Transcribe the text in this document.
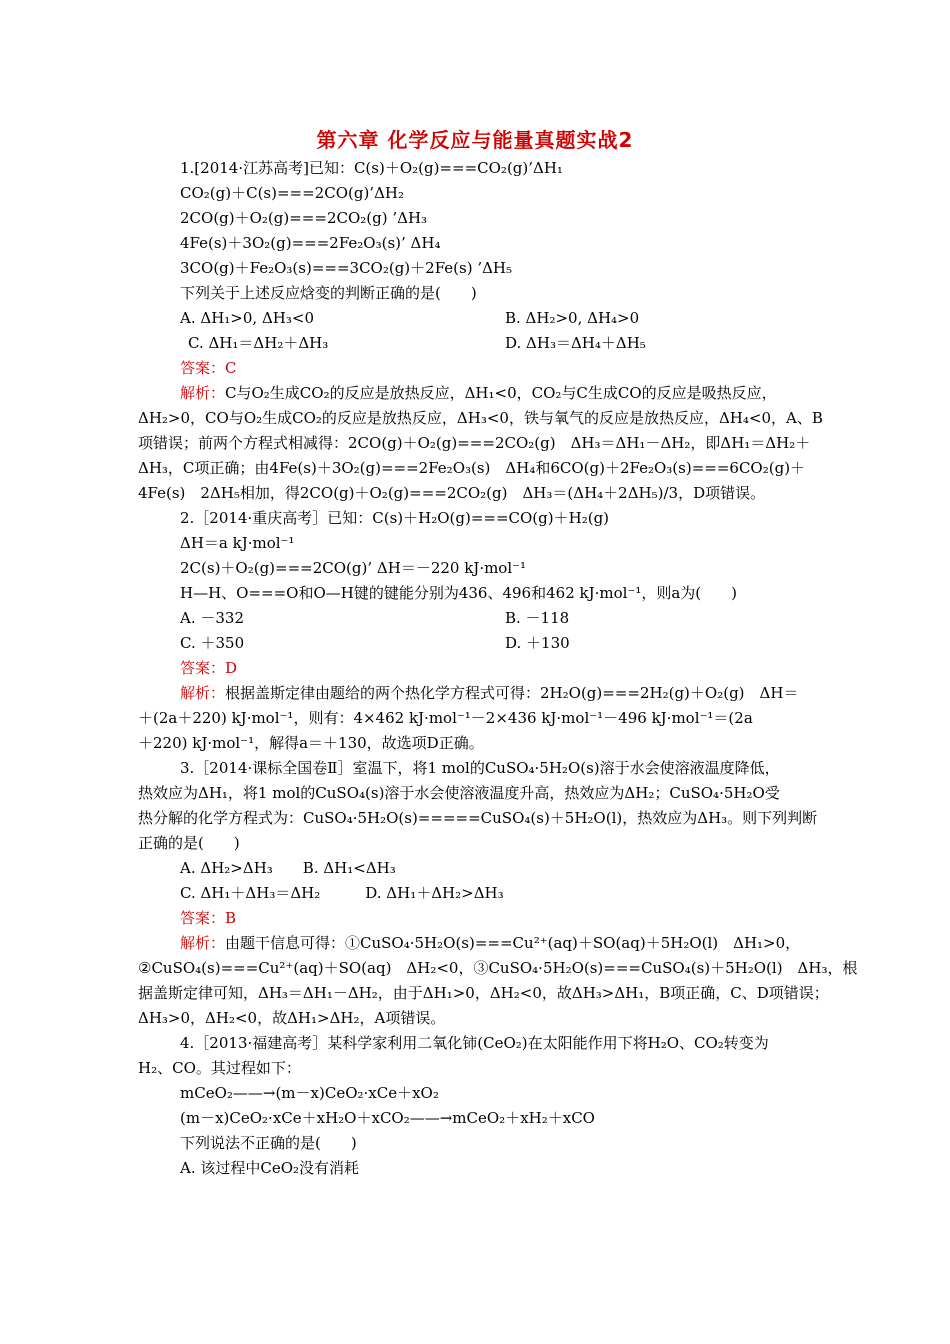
第六章 化学反应与能量真题实战2
1.[2014·江苏高考]已知：C(s)＋O₂(g)===CO₂(g)’ΔH₁
CO₂(g)＋C(s)===2CO(g)’ΔH₂
2CO(g)＋O₂(g)===2CO₂(g) ’ΔH₃
4Fe(s)＋3O₂(g)===2Fe₂O₃(s)’ ΔH₄
3CO(g)＋Fe₂O₃(s)===3CO₂(g)＋2Fe(s) ’ΔH₅
下列关于上述反应焓变的判断正确的是(　　)
A. ΔH₁>0, ΔH₃<0	B. ΔH₂>0, ΔH₄>0
C. ΔH₁＝ΔH₂＋ΔH₃	D. ΔH₃＝ΔH₄＋ΔH₅
答案：C
解析：C与O₂生成CO₂的反应是放热反应，ΔH₁<0，CO₂与C生成CO的反应是吸热反应，
ΔH₂>0，CO与O₂生成CO₂的反应是放热反应，ΔH₃<0，铁与氧气的反应是放热反应，ΔH₄<0，A、B
项错误；前两个方程式相减得：2CO(g)＋O₂(g)===2CO₂(g)　ΔH₃＝ΔH₁－ΔH₂，即ΔH₁＝ΔH₂＋
ΔH₃，C项正确；由4Fe(s)＋3O₂(g)===2Fe₂O₃(s)　ΔH₄和6CO(g)＋2Fe₂O₃(s)===6CO₂(g)＋
4Fe(s)　2ΔH₅相加，得2CO(g)＋O₂(g)===2CO₂(g)　ΔH₃＝(ΔH₄＋2ΔH₅)/3，D项错误。
2.［2014·重庆高考］已知：C(s)＋H₂O(g)===CO(g)＋H₂(g)
ΔH＝a kJ·mol⁻¹
2C(s)＋O₂(g)===2CO(g)’ ΔH＝－220 kJ·mol⁻¹
H—H、O===O和O—H键的键能分别为436、496和462 kJ·mol⁻¹，则a为(　　)
A. －332	B. －118
C. ＋350	D. ＋130
答案：D
解析：根据盖斯定律由题给的两个热化学方程式可得：2H₂O(g)===2H₂(g)＋O₂(g)　ΔH＝
＋(2a＋220) kJ·mol⁻¹，则有：4×462 kJ·mol⁻¹－2×436 kJ·mol⁻¹－496 kJ·mol⁻¹＝(2a
＋220) kJ·mol⁻¹，解得a＝＋130，故选项D正确。
3.［2014·课标全国卷Ⅱ］室温下，将1 mol的CuSO₄·5H₂O(s)溶于水会使溶液温度降低，
热效应为ΔH₁，将1 mol的CuSO₄(s)溶于水会使溶液温度升高，热效应为ΔH₂；CuSO₄·5H₂O受
热分解的化学方程式为：CuSO₄·5H₂O(s)=====CuSO₄(s)＋5H₂O(l)，热效应为ΔH₃。则下列判断
正确的是(　　)
A. ΔH₂>ΔH₃　　B. ΔH₁<ΔH₃
C. ΔH₁＋ΔH₃＝ΔH₂　　　D. ΔH₁＋ΔH₂>ΔH₃
答案：B
解析：由题干信息可得：①CuSO₄·5H₂O(s)===Cu²⁺(aq)＋SO(aq)＋5H₂O(l)　ΔH₁>0，
②CuSO₄(s)===Cu²⁺(aq)＋SO(aq)　ΔH₂<0，③CuSO₄·5H₂O(s)===CuSO₄(s)＋5H₂O(l)　ΔH₃，根
据盖斯定律可知，ΔH₃＝ΔH₁－ΔH₂，由于ΔH₁>0，ΔH₂<0，故ΔH₃>ΔH₁，B项正确，C、D项错误；
ΔH₃>0，ΔH₂<0，故ΔH₁>ΔH₂，A项错误。
4.［2013·福建高考］某科学家利用二氧化铈(CeO₂)在太阳能作用下将H₂O、CO₂转变为
H₂、CO。其过程如下：
mCeO₂——→(m－x)CeO₂·xCe＋xO₂
(m－x)CeO₂·xCe＋xH₂O＋xCO₂——→mCeO₂＋xH₂＋xCO
下列说法不正确的是(　　)
A. 该过程中CeO₂没有消耗
